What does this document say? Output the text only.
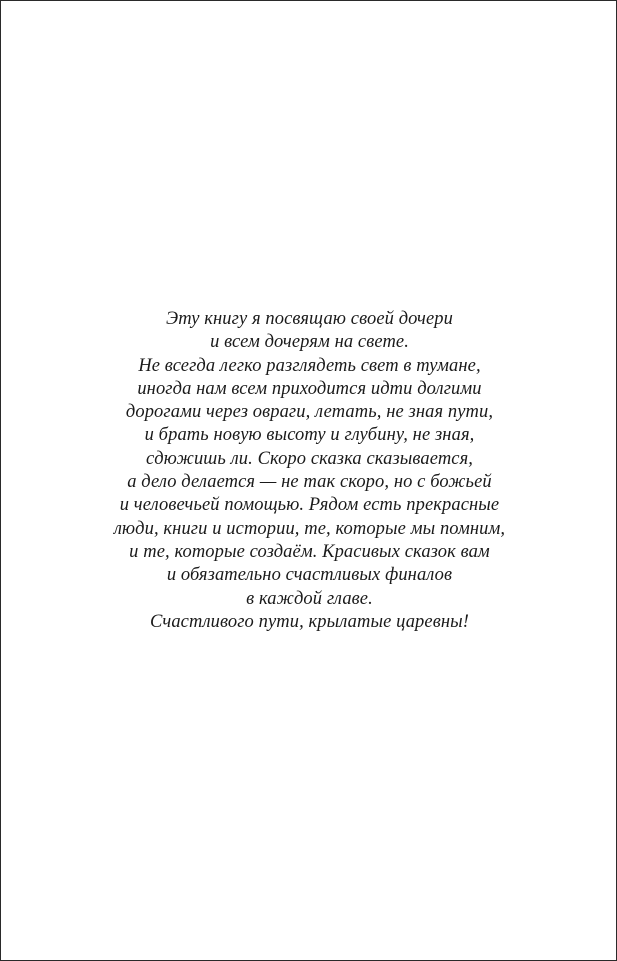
Эту книгу я посвящаю своей дочери
и всем дочерям на свете.
Не всегда легко разглядеть свет в тумане,
иногда нам всем приходится идти долгими
дорогами через овраги, летать, не зная пути,
и брать новую высоту и глубину, не зная,
сдюжишь ли. Скоро сказка сказывается,
а дело делается — не так скоро, но с божьей
и человечьей помощью. Рядом есть прекрасные
люди, книги и истории, те, которые мы помним,
и те, которые создаём. Красивых сказок вам
и обязательно счастливых финалов
в каждой главе.
Счастливого пути, крылатые царевны!
